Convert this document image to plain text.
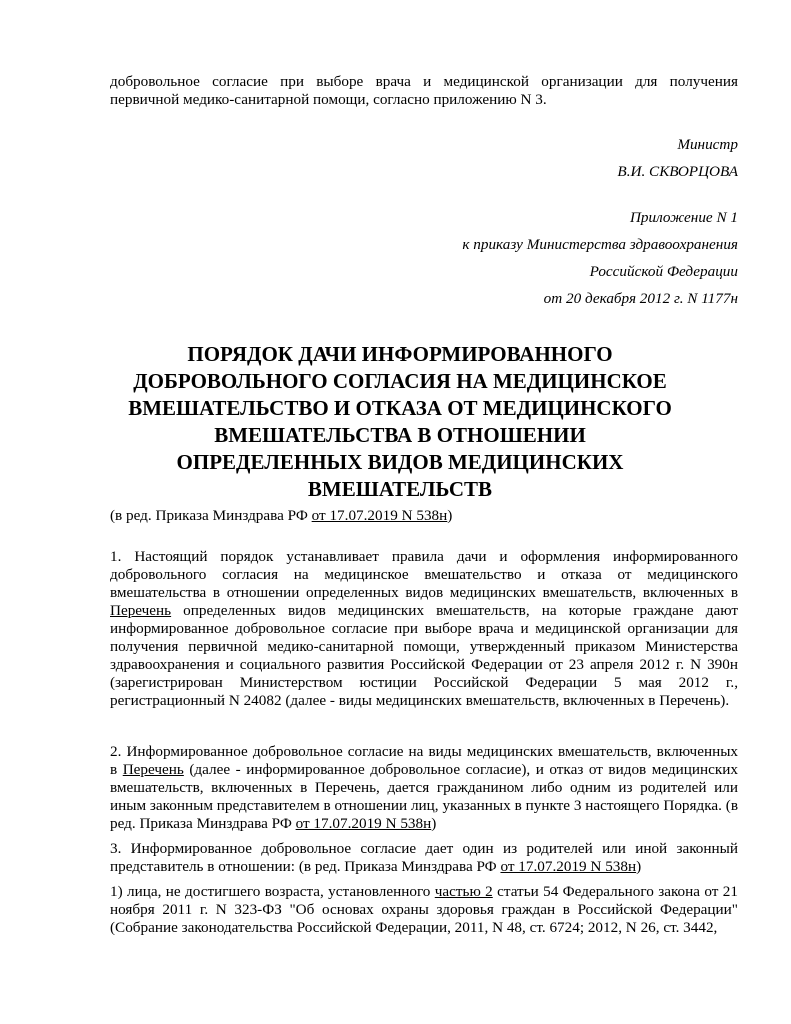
добровольное согласие при выборе врача и медицинской организации для получения
первичной медико-санитарной помощи, согласно приложению N 3.
Министр
В.И. СКВОРЦОВА
Приложение N 1
к приказу Министерства здравоохранения
Российской Федерации
от 20 декабря 2012 г. N 1177н
ПОРЯДОК ДАЧИ ИНФОРМИРОВАННОГО
ДОБРОВОЛЬНОГО СОГЛАСИЯ НА МЕДИЦИНСКОЕ
ВМЕШАТЕЛЬСТВО И ОТКАЗА ОТ МЕДИЦИНСКОГО
ВМЕШАТЕЛЬСТВА В ОТНОШЕНИИ
ОПРЕДЕЛЕННЫХ ВИДОВ МЕДИЦИНСКИХ
ВМЕШАТЕЛЬСТВ
(в ред. Приказа Минздрава РФ от 17.07.2019 N 538н)

1. Настоящий порядок устанавливает правила дачи и оформления информированного добровольного согласия на медицинское вмешательство и отказа от медицинского вмешательства в отношении определенных видов медицинских вмешательств, включенных в Перечень определенных видов медицинских вмешательств, на которые граждане дают информированное добровольное согласие при выборе врача и медицинской организации для получения первичной медико-санитарной помощи, утвержденный приказом Министерства здравоохранения и социального развития Российской Федерации от 23 апреля 2012 г. N 390н (зарегистрирован Министерством юстиции Российской Федерации 5 мая 2012 г., регистрационный N 24082 (далее - виды медицинских вмешательств, включенных в Перечень).

2. Информированное добровольное согласие на виды медицинских вмешательств, включенных в Перечень (далее - информированное добровольное согласие), и отказ от видов медицинских вмешательств, включенных в Перечень, дается гражданином либо одним из родителей или иным законным представителем в отношении лиц, указанных в пункте 3 настоящего Порядка. (в ред. Приказа Минздрава РФ от 17.07.2019 N 538н)

3. Информированное добровольное согласие дает один из родителей или иной законный представитель в отношении: (в ред. Приказа Минздрава РФ от 17.07.2019 N 538н)

1) лица, не достигшего возраста, установленного частью 2 статьи 54 Федерального закона от 21 ноября 2011 г. N 323-ФЗ "Об основах охраны здоровья граждан в Российской Федерации" (Собрание законодательства Российской Федерации, 2011, N 48, ст. 6724; 2012, N 26, ст. 3442,
